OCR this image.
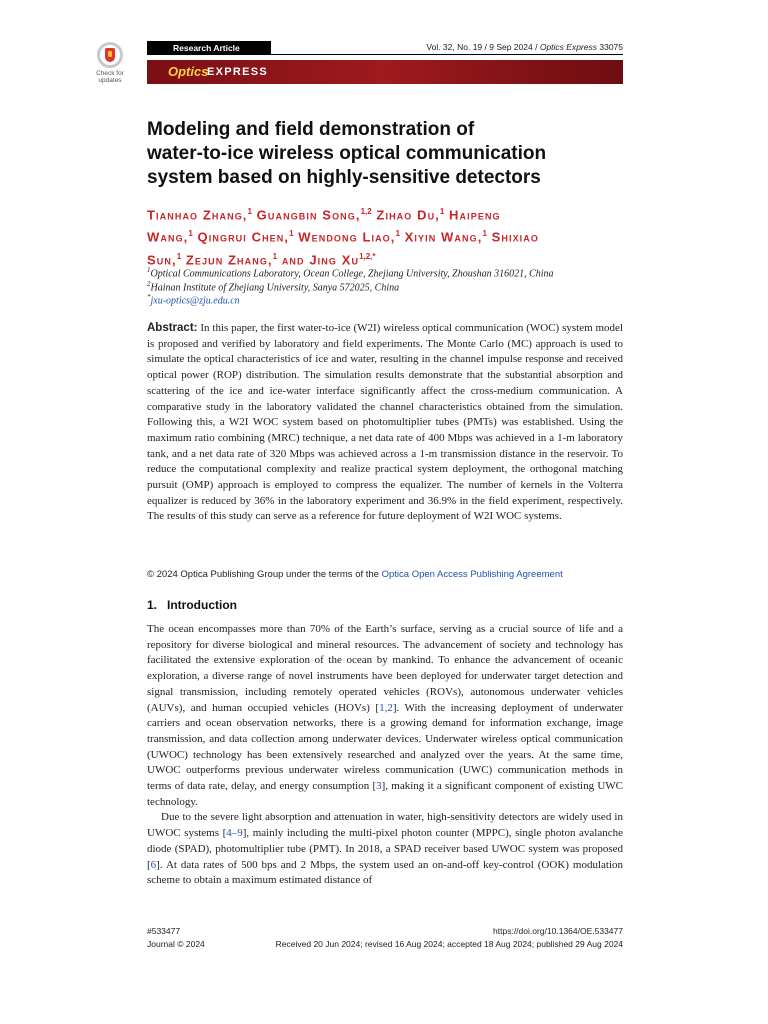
Check for
updates
Research Article	Vol. 32, No. 19 / 9 Sep 2024 / Optics Express 33075
Optics
EXPRESS
Modeling and field demonstration of
water-to-ice wireless optical communication
system based on highly-sensitive detectors
Tianhao Zhang,$^1$ Guangbin Song,$^{1,2}$ Zihao Du,$^1$ Haipeng
Wang,$^1$ Qingrui Chen,$^1$ Wendong Liao,$^1$ Xiyin Wang,$^1$ Shixiao
Sun,$^1$ Zejun Zhang,$^1$ and Jing $Xu^{1,2,*}$
$^1$Optical Communications Laboratory, Ocean College, Zhejiang University, Zhoushan 316021, China
$^2$Hainan Institute of Zhejiang University, Sanya 572025, China
*jxu-optics@zju.edu.cn
Abstract: In this paper, the first water-to-ice (W2I) wireless optical communication (WOC) system model is proposed and verified by laboratory and field experiments. The Monte Carlo (MC) approach is used to simulate the optical characteristics of ice and water, resulting in the channel impulse response and received optical power (ROP) distribution. The simulation results demonstrate that the substantial absorption and scattering of the ice and ice-water interface significantly affect the cross-medium communication. A comparative study in the laboratory validated the channel characteristics obtained from the simulation. Following this, a W2I WOC system based on photomultiplier tubes (PMTs) was established. Using the maximum ratio combining (MRC) technique, a net data rate of 400 Mbps was achieved in a 1-m laboratory tank, and a net data rate of 320 Mbps was achieved across a 1-m transmission distance in the reservoir. To reduce the computational complexity and realize practical system deployment, the orthogonal matching pursuit (OMP) approach is employed to compress the equalizer. The number of kernels in the Volterra equalizer is reduced by 36% in the laboratory experiment and 36.9% in the field experiment, respectively. The results of this study can serve as a reference for future deployment of W2I WOC systems.
© 2024 Optica Publishing Group under the terms of the Optica Open Access Publishing Agreement
1. Introduction

The ocean encompasses more than 70% of the Earth’s surface, serving as a crucial source of life and a repository for diverse biological and mineral resources. The advancement of society and technology has facilitated the extensive exploration of the ocean by mankind. To enhance the advancement of oceanic exploration, a diverse range of novel instruments have been deployed for underwater target detection and signal transmission, including remotely operated vehicles (ROVs), autonomous underwater vehicles (AUVs), and human occupied vehicles (HOVs) [1,2]. With the increasing deployment of underwater carriers and ocean observation networks, there is a growing demand for information exchange, image transmission, and data collection among underwater devices. Underwater wireless optical communication (UWOC) technology has been extensively researched and analyzed over the years. At the same time, UWOC outperforms previous underwater wireless communication (UWC) communication methods in terms of data rate, delay, and energy consumption [3], making it a significant component of existing UWC technology.

Due to the severe light absorption and attenuation in water, high-sensitivity detectors are widely used in UWOC systems [4–9], mainly including the multi-pixel photon counter (MPPC), single photon avalanche diode (SPAD), photomultiplier tube (PMT). In 2018, a SPAD receiver based UWOC system was proposed [6]. At data rates of 500 bps and 2 Mbps, the system used an on-and-off key-control (OOK) modulation scheme to obtain a maximum estimated distance of

#533477
Journal © 2024
https://doi.org/10.1364/OE.533477
Received 20 Jun 2024; revised 16 Aug 2024; accepted 18 Aug 2024; published 29 Aug 2024
